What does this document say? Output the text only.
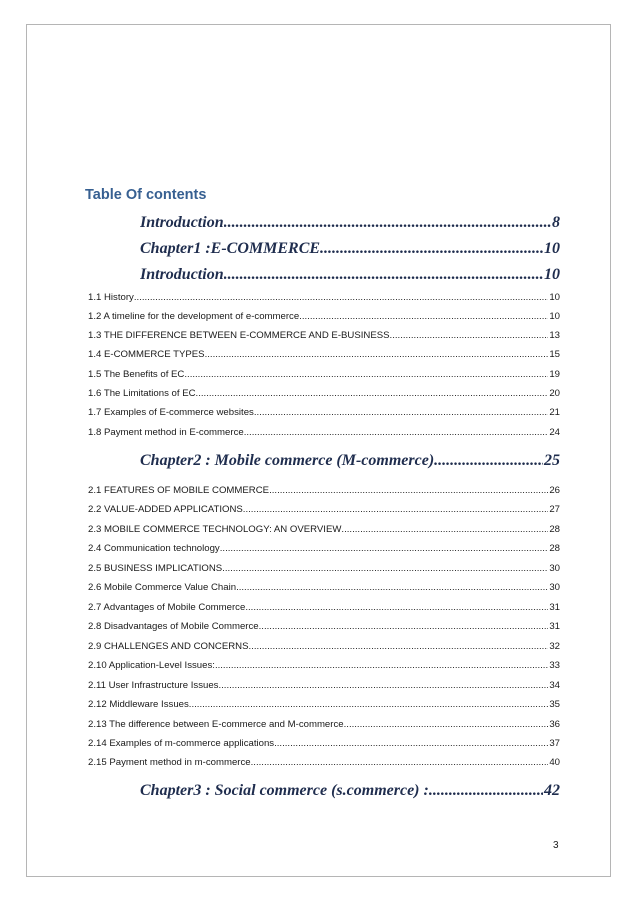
Table Of contents
Introduction .....	8
Chapter1 :E-COMMERCE .....	10
Introduction .....	10
1.1 History .....	10
1.2 A timeline for the development of e-commerce .....	10
1.3 THE DIFFERENCE BETWEEN E-COMMERCE AND E-BUSINESS .....	13
1.4 E-COMMERCE TYPES .....	15
1.5 The Benefits of EC .....	19
1.6 The Limitations of EC .....	20
1.7 Examples of E-commerce websites .....	21
1.8 Payment method in E-commerce .....	24
Chapter2 : Mobile commerce (M-commerce) .....	25
2.1 FEATURES OF MOBILE COMMERCE .....	26
2.2 VALUE-ADDED APPLICATIONS .....	27
2.3 MOBILE COMMERCE TECHNOLOGY: AN OVERVIEW .....	28
2.4 Communication technology .....	28
2.5 BUSINESS IMPLICATIONS .....	30
2.6 Mobile Commerce Value Chain .....	30
2.7 Advantages of Mobile Commerce .....	31
2.8 Disadvantages of Mobile Commerce .....	31
2.9 CHALLENGES AND CONCERNS .....	32
2.10 Application-Level Issues: .....	33
2.11 User Infrastructure Issues .....	34
2.12 Middleware Issues .....	35
2.13 The difference between E-commerce and M-commerce .....	36
2.14 Examples of m-commerce applications .....	37
2.15 Payment method in m-commerce .....	40
Chapter3 : Social commerce (s.commerce) : .....	42
3
